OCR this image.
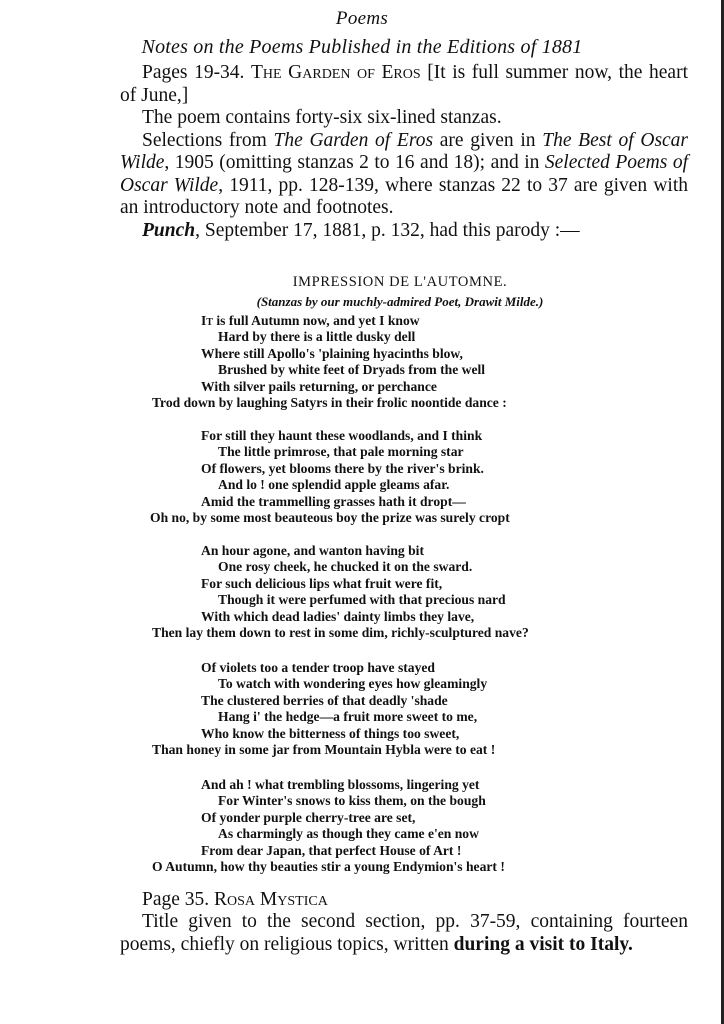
Poems
Notes on the Poems Published in the Editions of 1881

Pages 19-34. The Garden of Eros [It is full summer now, the heart of June,]

The poem contains forty-six six-lined stanzas.

Selections from The Garden of Eros are given in The Best of Oscar Wilde, 1905 (omitting stanzas 2 to 16 and 18); and in Selected Poems of Oscar Wilde, 1911, pp. 128-139, where stanzas 22 to 37 are given with an introductory note and footnotes.

Punch, September 17, 1881, p. 132, had this parody :—

IMPRESSION DE L'AUTOMNE.
(Stanzas by our muchly-admired Poet, Drawit Milde.)
It is full Autumn now, and yet I know
Hard by there is a little dusky dell
Where still Apollo's 'plaining hyacinths blow,
Brushed by white feet of Dryads from the well
With silver pails returning, or perchance
Trod down by laughing Satyrs in their frolic noontide dance :
For still they haunt these woodlands, and I think
The little primrose, that pale morning star
Of flowers, yet blooms there by the river's brink.
And lo ! one splendid apple gleams afar.
Amid the trammelling grasses hath it dropt—
Oh no, by some most beauteous boy the prize was surely cropt
An hour agone, and wanton having bit
One rosy cheek, he chucked it on the sward.
For such delicious lips what fruit were fit,
Though it were perfumed with that precious nard
With which dead ladies' dainty limbs they lave,
Then lay them down to rest in some dim, richly-sculptured nave?
Of violets too a tender troop have stayed
To watch with wondering eyes how gleamingly
The clustered berries of that deadly 'shade
Hang i' the hedge—a fruit more sweet to me,
Who know the bitterness of things too sweet,
Than honey in some jar from Mountain Hybla were to eat !
And ah ! what trembling blossoms, lingering yet
For Winter's snows to kiss them, on the bough
Of yonder purple cherry-tree are set,
As charmingly as though they came e'en now
From dear Japan, that perfect House of Art !
O Autumn, how thy beauties stir a young Endymion's heart !
Page 35. Rosa Mystica

Title given to the second section, pp. 37-59, containing fourteen poems, chiefly on religious topics, written during a visit to Italy.
